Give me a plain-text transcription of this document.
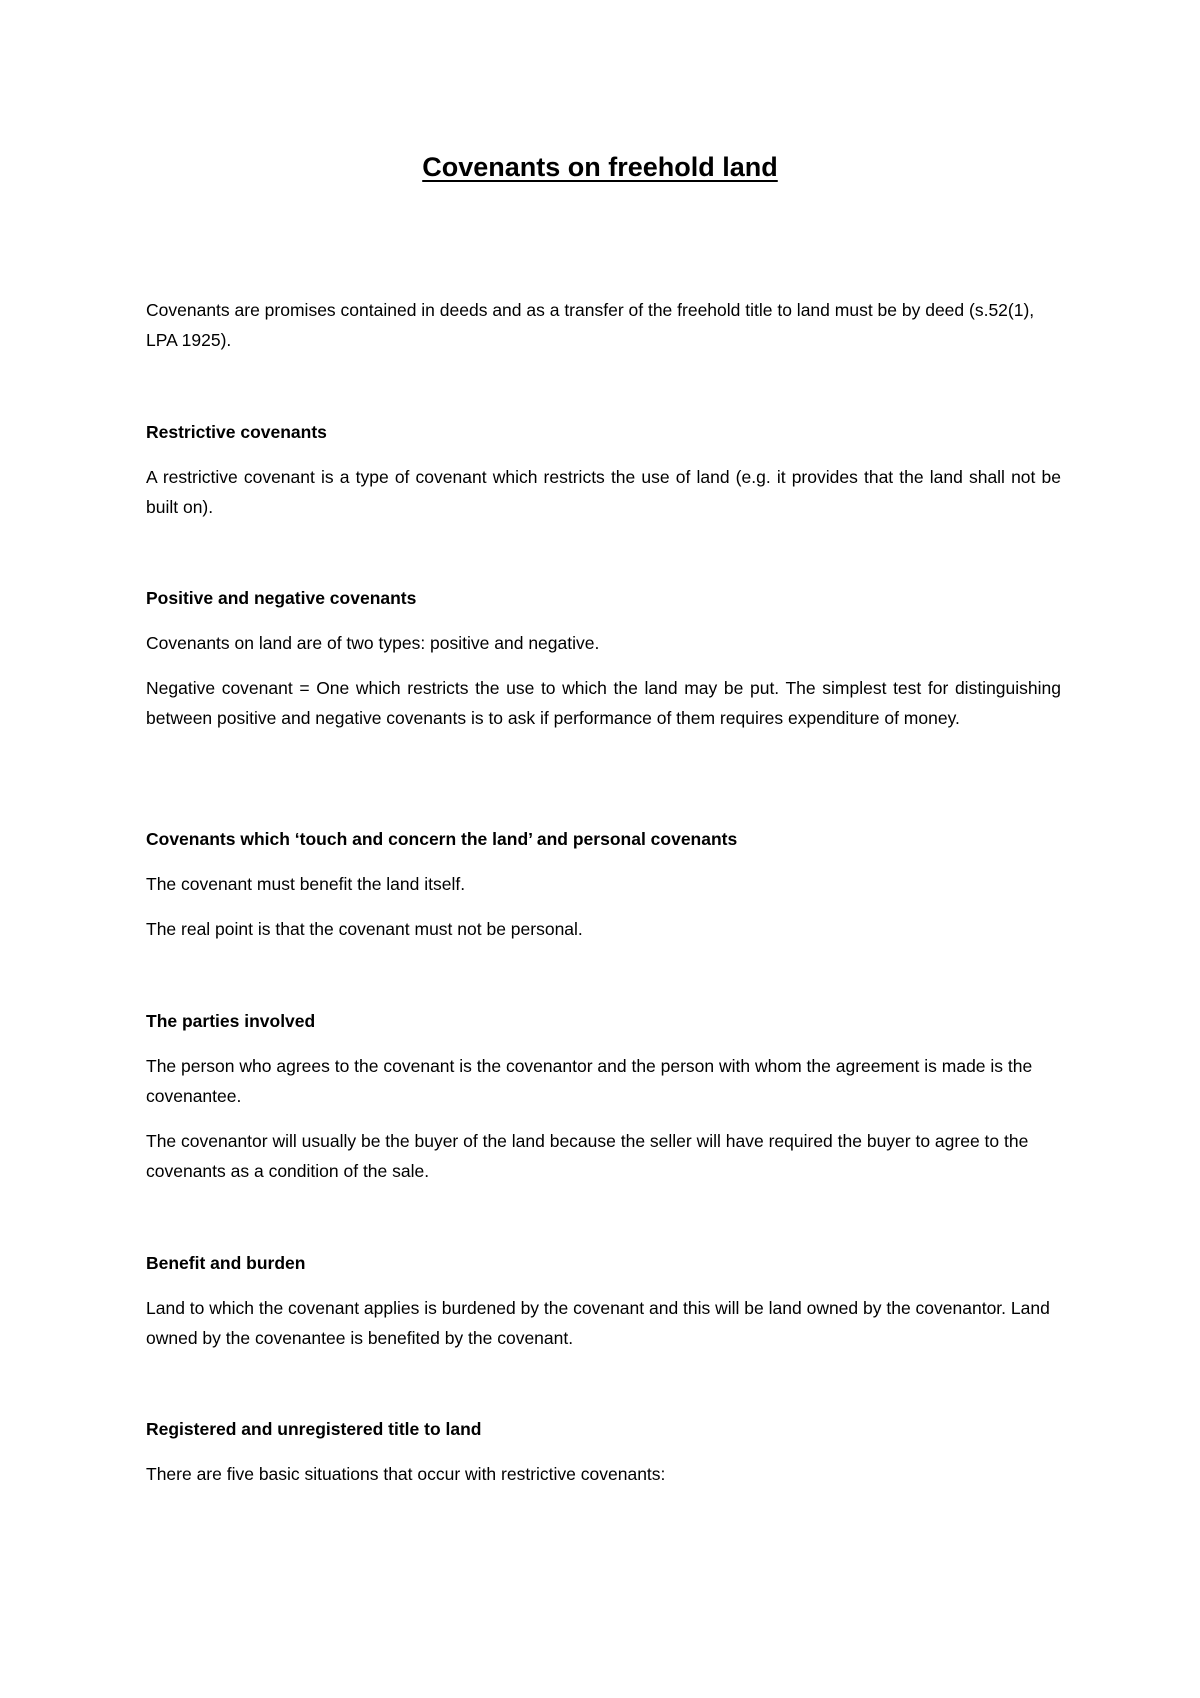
Covenants on freehold land

Covenants are promises contained in deeds and as a transfer of the freehold title to land must be by deed (s.52(1), LPA 1925).

Restrictive covenants

A restrictive covenant is a type of covenant which restricts the use of land (e.g. it provides that the land shall not be built on).

Positive and negative covenants

Covenants on land are of two types: positive and negative.

Negative covenant = One which restricts the use to which the land may be put. The simplest test for distinguishing between positive and negative covenants is to ask if performance of them requires expenditure of money.

Covenants which ‘touch and concern the land’ and personal covenants

The covenant must benefit the land itself.

The real point is that the covenant must not be personal.

The parties involved

The person who agrees to the covenant is the covenantor and the person with whom the agreement is made is the covenantee.

The covenantor will usually be the buyer of the land because the seller will have required the buyer to agree to the covenants as a condition of the sale.

Benefit and burden

Land to which the covenant applies is burdened by the covenant and this will be land owned by the covenantor. Land owned by the covenantee is benefited by the covenant.

Registered and unregistered title to land

There are five basic situations that occur with restrictive covenants:
